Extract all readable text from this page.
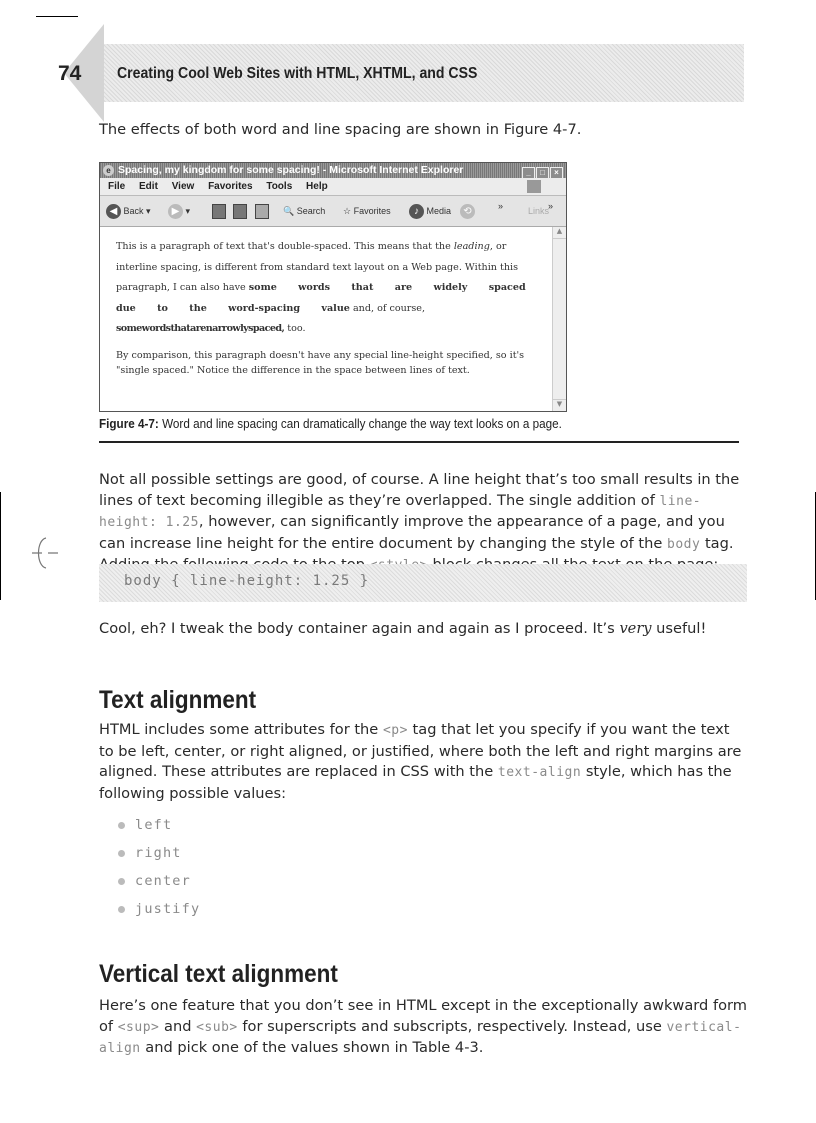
74 Creating Cool Web Sites with HTML, XHTML, and CSS
The effects of both word and line spacing are shown in Figure 4-7.
e Spacing, my kingdom for some spacing! - Microsoft Internet Explorer	_ □ ×
File Edit View Favorites Tools Help
◀ Back ▾	▶ ▾	🔍 Search ☆ Favorites	♪ Media	⟲
»	»
Links

This is a paragraph of text that's double-spaced. This means that the leading, or interline spacing, is different from standard text layout on a Web page. Within this paragraph, I can also have some words that are widely spaced due to the word-spacing value and, of course, somewordsthatarenarrowlyspaced, too.

By comparison, this paragraph doesn't have any special line-height specified, so it's "single spaced." Notice the difference in the space between lines of text.

▲
▼
Figure 4-7: Word and line spacing can dramatically change the way text looks on a page.
Not all possible settings are good, of course. A line height that’s too small results in the lines of text becoming illegible as they’re overlapped. The single addition of line-height: 1.25, however, can significantly improve the appearance of a page, and you can increase line height for the entire document by changing the style of the body tag.
body { line-height: 1.25 }
Cool, eh? I tweak the body container again and again as I proceed. It’s very useful!
Text alignment
HTML includes some attributes for the <p> tag that let you specify if you want the text to be left, center, or right aligned, or justified, where both the left and right margins are aligned. These attributes are replaced in CSS with the text-align style, which has the following possible values:
left
right
center
justify
Vertical text alignment
Here’s one feature that you don’t see in HTML except in the exceptionally awkward form of <sup> and <sub> for superscripts and subscripts, respectively. Instead, use vertical-align and pick one of the values shown in Table 4-3.
